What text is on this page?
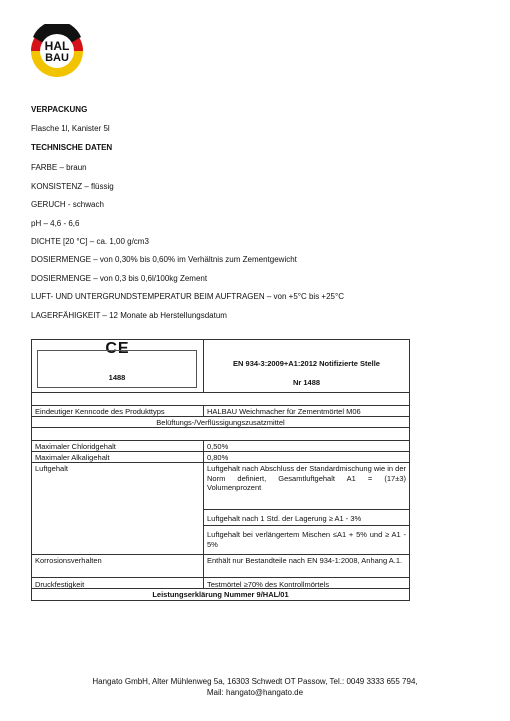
HAL
BAU
VERPACKUNG
Flasche 1l, Kanister 5l
TECHNISCHE DATEN
FARBE – braun
KONSISTENZ – flüssig
GERUCH - schwach
pH – 4,6 - 6,6
DICHTE [20 °C] – ca. 1,00 g/cm3
DOSIERMENGE – von 0,30% bis 0,60% im Verhältnis zum Zementgewicht
DOSIERMENGE – von 0,3 bis 0,6l/100kg Zement
LUFT- UND UNTERGRUNDSTEMPERATUR BEIM AUFTRAGEN – von +5°C bis +25°C
LAGERFÄHIGKEIT – 12 Monate ab Herstellungsdatum
CE
1488
EN 934-3:2009+A1:2012 Notifizierte Stelle
Nr 1488
Eindeutiger Kenncode des Produkttyps	HALBAU Weichmacher für Zementmörtel M06
Belüftungs-/Verflüssigungszusatzmittel
Maximaler Chloridgehalt	0,50%
Maximaler Alkaligehalt	0,80%
Luftgehalt	Luftgehalt nach Abschluss der Standardmischung wie in der Norm definiert, Gesamtluftgehalt A1 = (17±3) Volumenprozent
Luftgehalt nach 1 Std. der Lagerung ≥ A1 - 3%
Luftgehalt bei verlängertem Mischen ≤A1 + 5% und ≥ A1 - 5%
Korrosionsverhalten	Enthält nur Bestandteile nach EN 934-1:2008, Anhang A.1.
Druckfestigkeit	Testmörtel ≥70% des Kontrollmörtels
Leistungserklärung Nummer 9/HAL/01
Hangato GmbH, Alter Mühlenweg 5a, 16303 Schwedt OT Passow, Tel.: 0049 3333 655 794,
Mail: hangato@hangato.de
